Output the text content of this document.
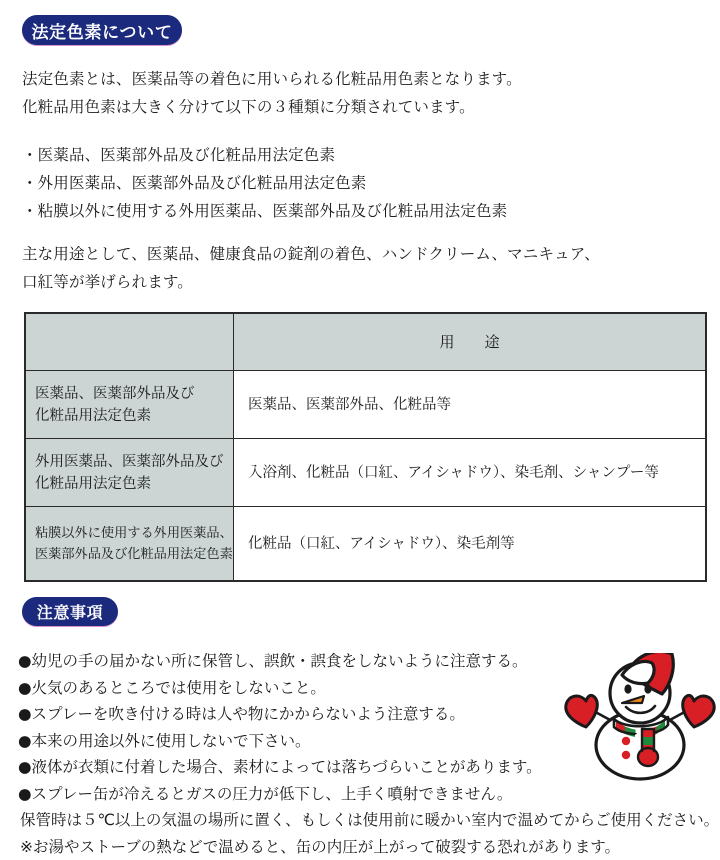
法定色素について
法定色素とは、医薬品等の着色に用いられる化粧品用色素となります。
化粧品用色素は大きく分けて以下の３種類に分類されています。
・医薬品、医薬部外品及び化粧品用法定色素
・外用医薬品、医薬部外品及び化粧品用法定色素
・粘膜以外に使用する外用医薬品、医薬部外品及び化粧品用法定色素
主な用途として、医薬品、健康食品の錠剤の着色、ハンドクリーム、マニキュア、
口紅等が挙げられます。
	用　途
医薬品、医薬部外品及び
化粧品用法定色素	医薬品、医薬部外品、化粧品等
外用医薬品、医薬部外品及び
化粧品用法定色素	入浴剤、化粧品（口紅、アイシャドウ）、染毛剤、シャンプー等
粘膜以外に使用する外用医薬品、
医薬部外品及び化粧品用法定色素	化粧品（口紅、アイシャドウ）、染毛剤等
注意事項
●幼児の手の届かない所に保管し、誤飲・誤食をしないように注意する。
●火気のあるところでは使用をしないこと。
●スプレーを吹き付ける時は人や物にかからないよう注意する。
●本来の用途以外に使用しないで下さい。
●液体が衣類に付着した場合、素材によっては落ちづらいことがあります。
●スプレー缶が冷えるとガスの圧力が低下し、上手く噴射できません。
保管時は５℃以上の気温の場所に置く、もしくは使用前に暖かい室内で温めてからご使用ください。
※お湯やストーブの熱などで温めると、缶の内圧が上がって破裂する恐れがあります。
